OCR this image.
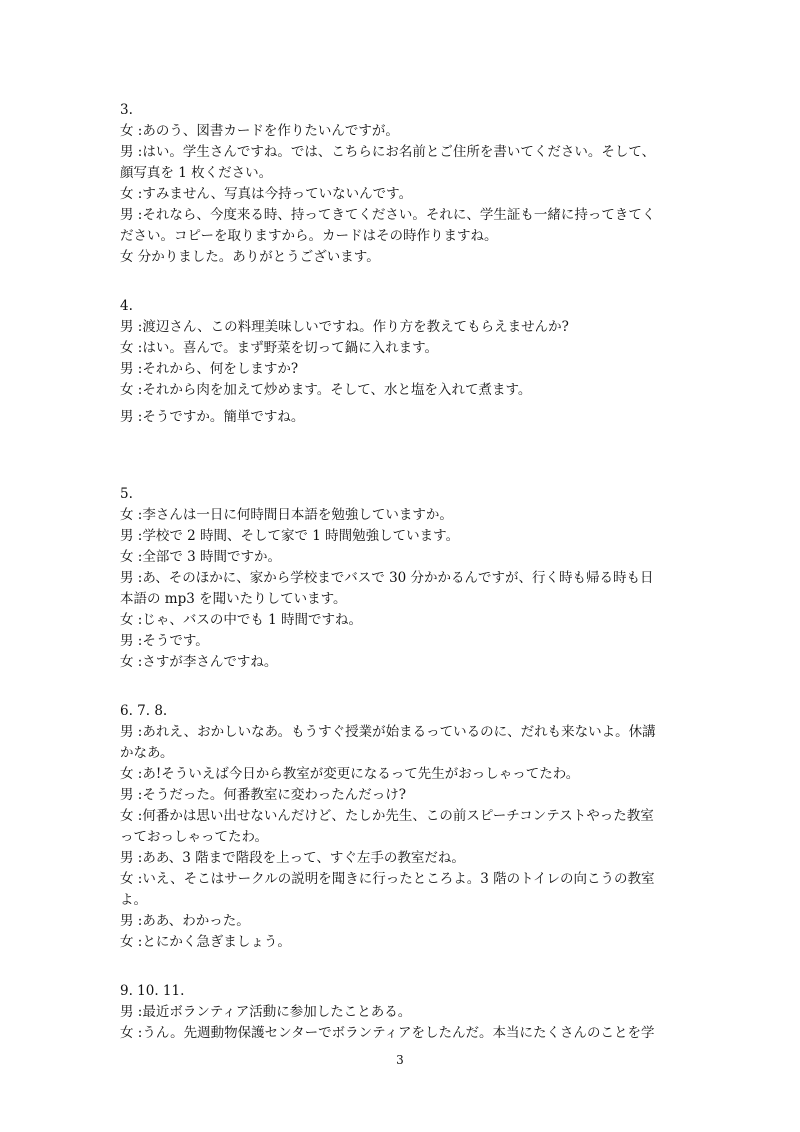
3.
女 :あのう、図書カードを作りたいんですが。
男 :はい。学生さんですね。では、こちらにお名前とご住所を書いてください。そして、
顔写真を 1 枚ください。
女 :すみません、写真は今持っていないんです。
男 :それなら、今度来る時、持ってきてください。それに、学生証も一緒に持ってきてく
ださい。コピーを取りますから。カードはその時作りますね。
女 分かりました。ありがとうございます。
4.
男 :渡辺さん、この料理美味しいですね。作り方を教えてもらえませんか?
女 :はい。喜んで。まず野菜を切って鍋に入れます。
男 :それから、何をしますか?
女 :それから肉を加えて炒めます。そして、水と塩を入れて煮ます。
男 :そうですか。簡単ですね。
5.
女 :李さんは一日に何時間日本語を勉強していますか。
男 :学校で 2 時間、そして家で 1 時間勉強しています。
女 :全部で 3 時間ですか。
男 :あ、そのほかに、家から学校までバスで 30 分かかるんですが、行く時も帰る時も日
本語の mp3 を聞いたりしています。
女 :じゃ、バスの中でも 1 時間ですね。
男 :そうです。
女 :さすが李さんですね。
6. 7. 8.
男 :あれえ、おかしいなあ。もうすぐ授業が始まるっているのに、だれも来ないよ。休講
かなあ。
女 :あ!そういえば今日から教室が変更になるって先生がおっしゃってたわ。
男 :そうだった。何番教室に変わったんだっけ?
女 :何番かは思い出せないんだけど、たしか先生、この前スピーチコンテストやった教室
っておっしゃってたわ。
男 :ああ、3 階まで階段を上って、すぐ左手の教室だね。
女 :いえ、そこはサークルの説明を聞きに行ったところよ。3 階のトイレの向こうの教室
よ。
男 :ああ、わかった。
女 :とにかく急ぎましょう。
9. 10. 11.
男 :最近ボランティア活動に参加したことある。
女 :うん。先週動物保護センターでボランティアをしたんだ。本当にたくさんのことを学
3
